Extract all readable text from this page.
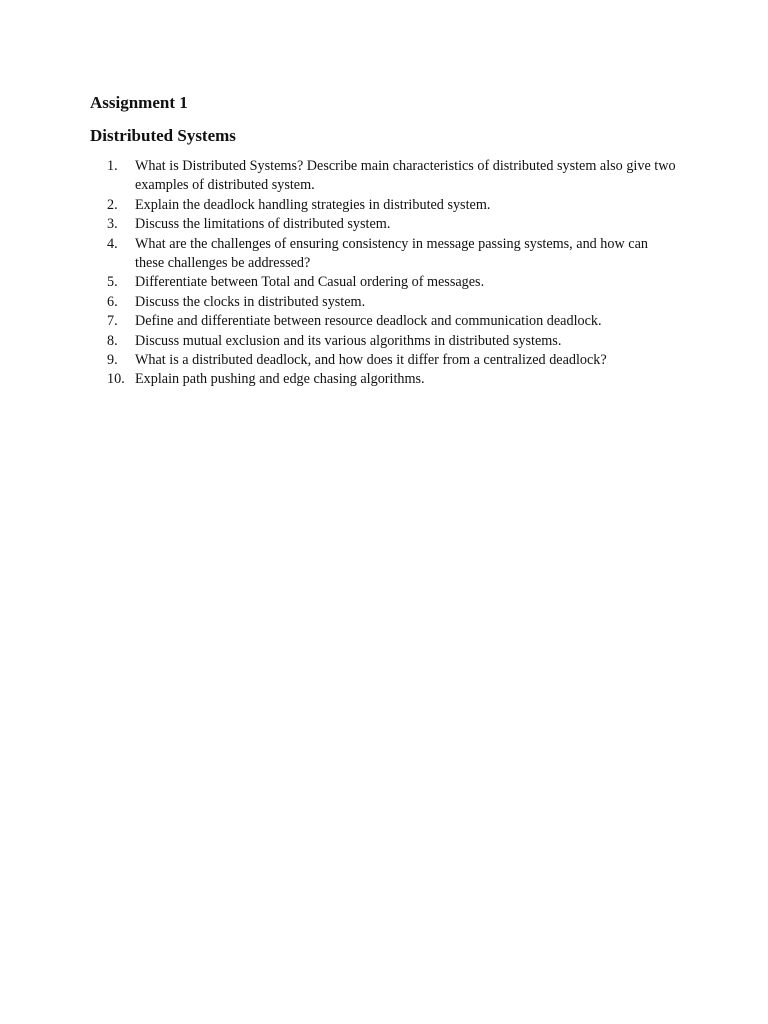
Assignment 1
Distributed Systems
1.	What is Distributed Systems? Describe main characteristics of distributed system also give two examples of distributed system.
2.	Explain the deadlock handling strategies in distributed system.
3.	Discuss the limitations of distributed system.
4.	What are the challenges of ensuring consistency in message passing systems, and how can these challenges be addressed?
5.	Differentiate between Total and Casual ordering of messages.
6.	Discuss the clocks in distributed system.
7.	Define and differentiate between resource deadlock and communication deadlock.
8.	Discuss mutual exclusion and its various algorithms in distributed systems.
9.	What is a distributed deadlock, and how does it differ from a centralized deadlock?
10. Explain path pushing and edge chasing algorithms.
